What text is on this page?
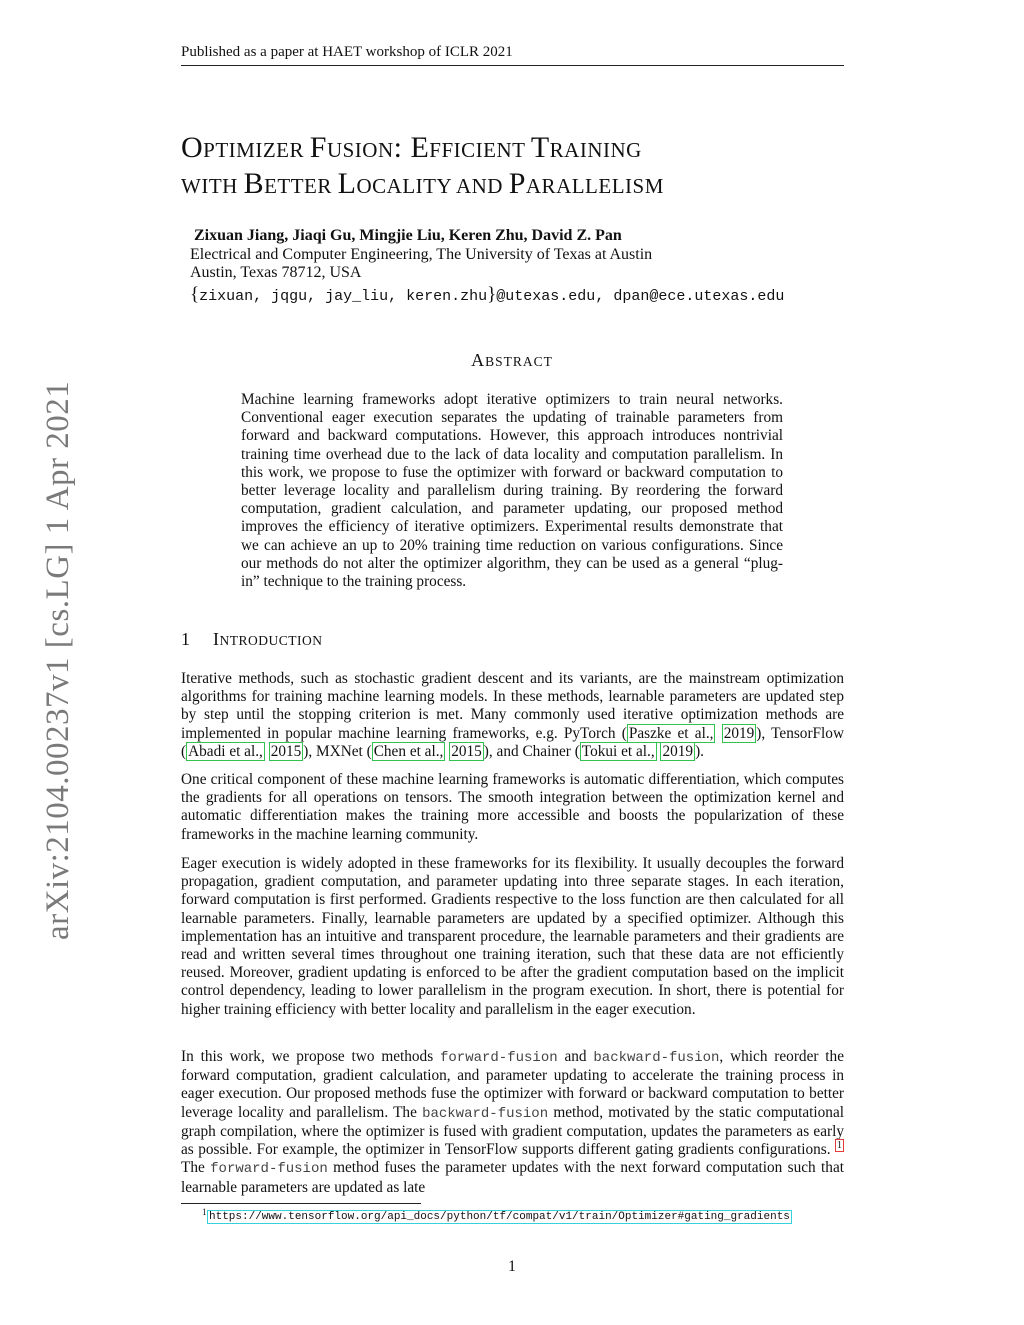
Published as a paper at HAET workshop of ICLR 2021
arXiv:2104.00237v1 [cs.LG] 1 Apr 2021
OPTIMIZER FUSION: EFFICIENT TRAINING
WITH BETTER LOCALITY AND PARALLELISM
Zixuan Jiang, Jiaqi Gu, Mingjie Liu, Keren Zhu, David Z. Pan
Electrical and Computer Engineering, The University of Texas at Austin
Austin, Texas 78712, USA
{zixuan, jqgu, jay_liu, keren.zhu}@utexas.edu, dpan@ece.utexas.edu
ABSTRACT
Machine learning frameworks adopt iterative optimizers to train neural networks. Conventional eager execution separates the updating of trainable parameters from forward and backward computations. However, this approach introduces nontrivial training time overhead due to the lack of data locality and computation parallelism. In this work, we propose to fuse the optimizer with forward or backward computation to better leverage locality and parallelism during training. By reordering the forward computation, gradient calculation, and parameter updating, our proposed method improves the efficiency of iterative optimizers. Experimental results demonstrate that we can achieve an up to 20% training time reduction on various configurations. Since our methods do not alter the optimizer algorithm, they can be used as a general “plug-in” technique to the training process.
1 INTRODUCTION
Iterative methods, such as stochastic gradient descent and its variants, are the mainstream optimization algorithms for training machine learning models. In these methods, learnable parameters are updated step by step until the stopping criterion is met. Many commonly used iterative optimization methods are implemented in popular machine learning frameworks, e.g. PyTorch ( Paszke et al., 2019 ), TensorFlow ( Abadi et al., 2015 ), MXNet ( Chen et al., 2015 ), and Chainer ( Tokui et al., 2019 ).
One critical component of these machine learning frameworks is automatic differentiation, which computes the gradients for all operations on tensors. The smooth integration between the optimization kernel and automatic differentiation makes the training more accessible and boosts the popularization of these frameworks in the machine learning community.
Eager execution is widely adopted in these frameworks for its flexibility. It usually decouples the forward propagation, gradient computation, and parameter updating into three separate stages. In each iteration, forward computation is first performed. Gradients respective to the loss function are then calculated for all learnable parameters. Finally, learnable parameters are updated by a specified optimizer. Although this implementation has an intuitive and transparent procedure, the learnable parameters and their gradients are read and written several times throughout one training iteration, such that these data are not efficiently reused. Moreover, gradient updating is enforced to be after the gradient computation based on the implicit control dependency, leading to lower parallelism in the program execution. In short, there is potential for higher training efficiency with better locality and parallelism in the eager execution.
In this work, we propose two methods forward-fusion and backward-fusion, which reorder the forward computation, gradient calculation, and parameter updating to accelerate the training process in eager execution. Our proposed methods fuse the optimizer with forward or backward computation to better leverage locality and parallelism. The backward-fusion method, motivated by the static computational graph compilation, where the optimizer is fused with gradient computation, updates the parameters as early as possible. For example, the optimizer in TensorFlow supports different gating gradients configurations. $^1$ The forward-fusion method fuses the parameter updates with the next forward computation such that learnable parameters are updated as late
1 https://www.tensorflow.org/api_docs/python/tf/compat/v1/train/Optimizer#gating_gradients
1
